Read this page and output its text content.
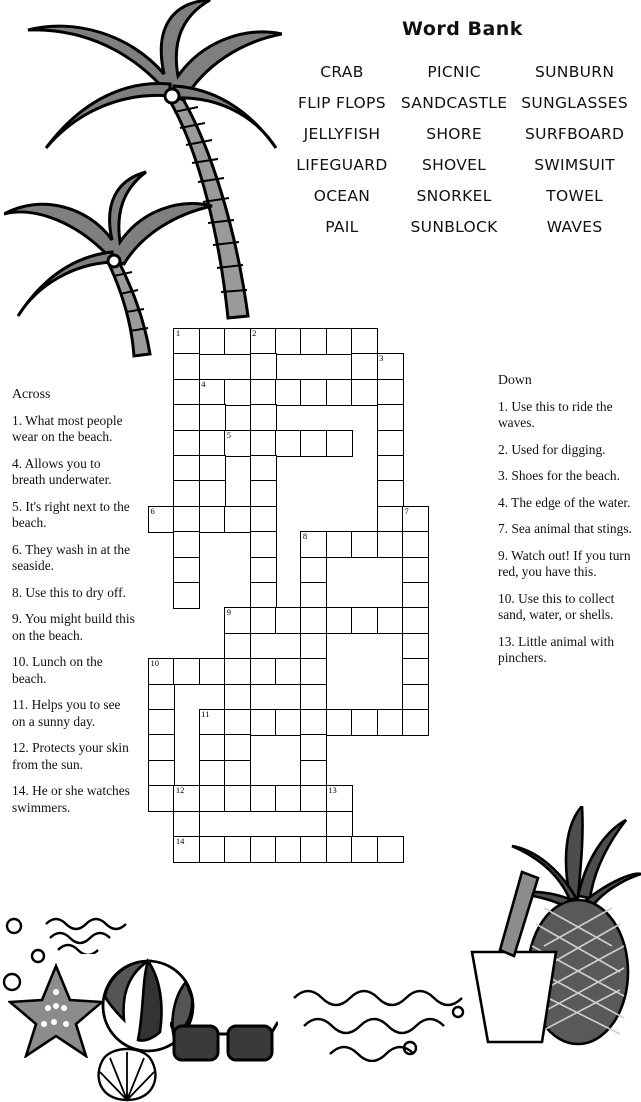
Word Bank
CRAB	PICNIC	SUNBURN
FLIP FLOPS	SANDCASTLE	SUNGLASSES
JELLYFISH	SHORE	SURFBOARD
LIFEGUARD	SHOVEL	SWIMSUIT
OCEAN	SNORKEL	TOWEL
PAIL	SUNBLOCK	WAVES
Across

1. What most people wear on the beach.

4. Allows you to breath underwater.

5. It's right next to the beach.

6. They wash in at the seaside.

8. Use this to dry off.

9. You might build this on the beach.

10. Lunch on the beach.

11. Helps you to see on a sunny day.

12. Protects your skin from the sun.

14. He or she watches swimmers.

Down

1. Use this to ride the waves.

2. Used for digging.

3. Shoes for the beach.

4. The edge of the water.

7. Sea animal that stings.

9. Watch out! If you turn red, you have this.

10. Use this to collect sand, water, or shells.

13. Little animal with pinchers.

1	2
3
4
5
6	7
8
9
10
11
12	13
14
